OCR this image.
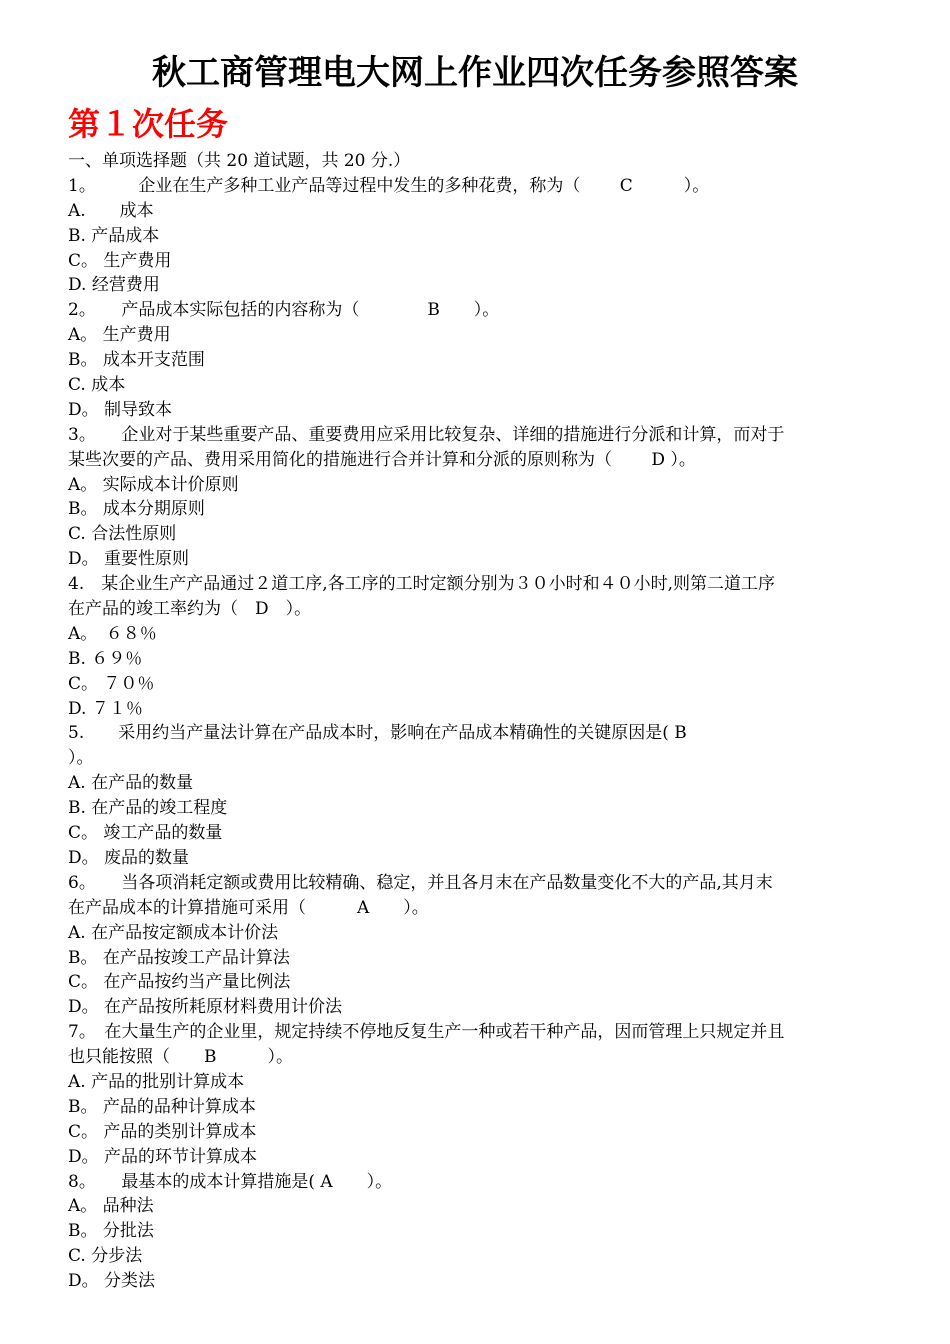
秋工商管理电大网上作业四次任务参照答案
第１次任务
一、单项选择题（共 20 道试题，共 20 分.）
1。　　　企业在生产多种工业产品等过程中发生的多种花费，称为（　　 C　　　）。
A.　　成本
B. 产品成本
C。 生产费用
D. 经营费用
2。　　产品成本实际包括的内容称为（　　　　B　　）。
A。 生产费用
B。 成本开支范围
C. 成本
D。 制导致本
3。　　企业对于某些重要产品、重要费用应采用比较复杂、详细的措施进行分派和计算，而对于
某些次要的产品、费用采用简化的措施进行合并计算和分派的原则称为（　　 D ）。
A。 实际成本计价原则
B。 成本分期原则
C. 合法性原则
D。 重要性原则
4.　某企业生产产品通过２道工序,各工序的工时定额分别为３０小时和４０小时,则第二道工序
在产品的竣工率约为（　D　）。
A。　６８％
B. ６９％
C。 ７０％
D. ７１％
5.　　采用约当产量法计算在产品成本时，影响在产品成本精确性的关键原因是( B
）。
A. 在产品的数量
B. 在产品的竣工程度
C。 竣工产品的数量
D。 废品的数量
6。　　当各项消耗定额或费用比较精确、稳定，并且各月末在产品数量变化不大的产品,其月末
在产品成本的计算措施可采用（　　　A　　）。
A. 在产品按定额成本计价法
B。 在产品按竣工产品计算法
C。 在产品按约当产量比例法
D。 在产品按所耗原材料费用计价法
7。　在大量生产的企业里，规定持续不停地反复生产一种或若干种产品，因而管理上只规定并且
也只能按照（　　B　　　）。
A. 产品的批别计算成本
B。 产品的品种计算成本
C。 产品的类别计算成本
D。 产品的环节计算成本
8。　　最基本的成本计算措施是( A　　）。
A。 品种法
B。 分批法
C. 分步法
D。 分类法
